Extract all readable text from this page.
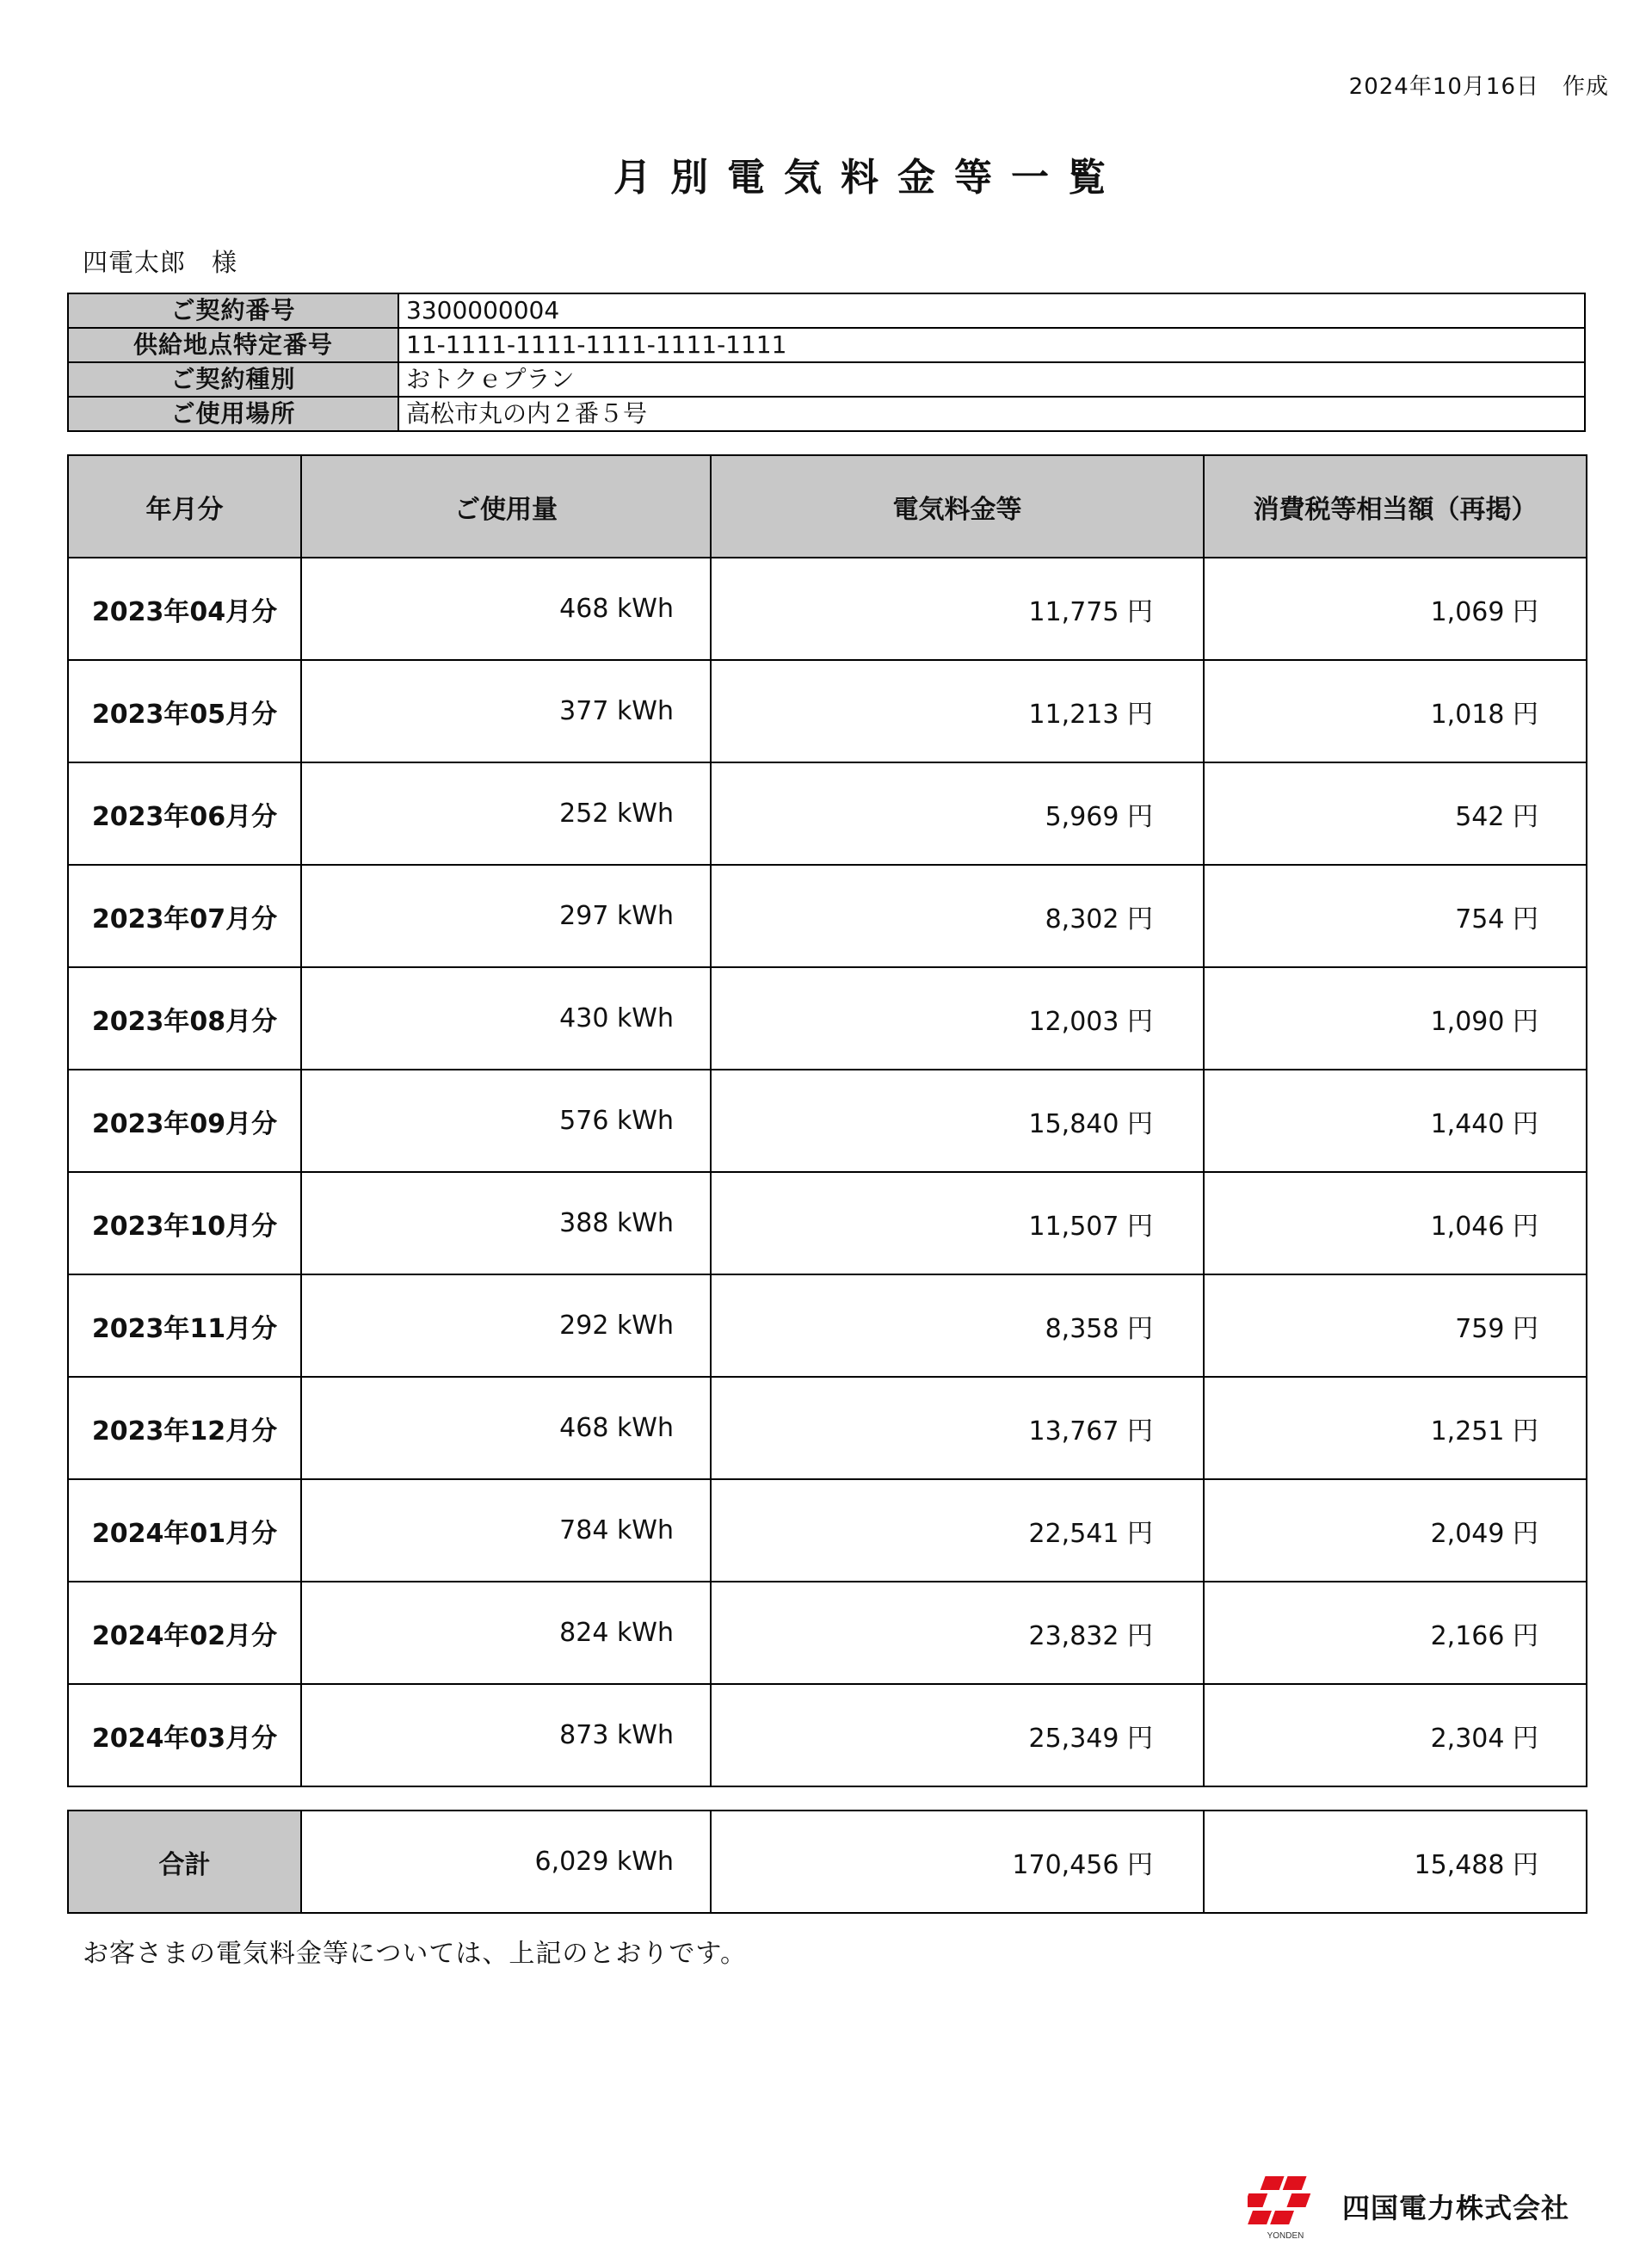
2024年10月16日　作成
月別電気料金等一覧
四電太郎　様
ご契約番号	3300000004
供給地点特定番号	11-1111-1111-1111-1111-1111
ご契約種別	おトクｅプラン
ご使用場所	高松市丸の内２番５号
年月分	ご使用量	電気料金等	消費税等相当額（再掲）
2023年04月分	468 kWh	11,775 円	1,069 円
2023年05月分	377 kWh	11,213 円	1,018 円
2023年06月分	252 kWh	5,969 円	542 円
2023年07月分	297 kWh	8,302 円	754 円
2023年08月分	430 kWh	12,003 円	1,090 円
2023年09月分	576 kWh	15,840 円	1,440 円
2023年10月分	388 kWh	11,507 円	1,046 円
2023年11月分	292 kWh	8,358 円	759 円
2023年12月分	468 kWh	13,767 円	1,251 円
2024年01月分	784 kWh	22,541 円	2,049 円
2024年02月分	824 kWh	23,832 円	2,166 円
2024年03月分	873 kWh	25,349 円	2,304 円
合計	6,029 kWh	170,456 円	15,488 円
お客さまの電気料金等については、上記のとおりです。
YONDEN
四国電力株式会社
